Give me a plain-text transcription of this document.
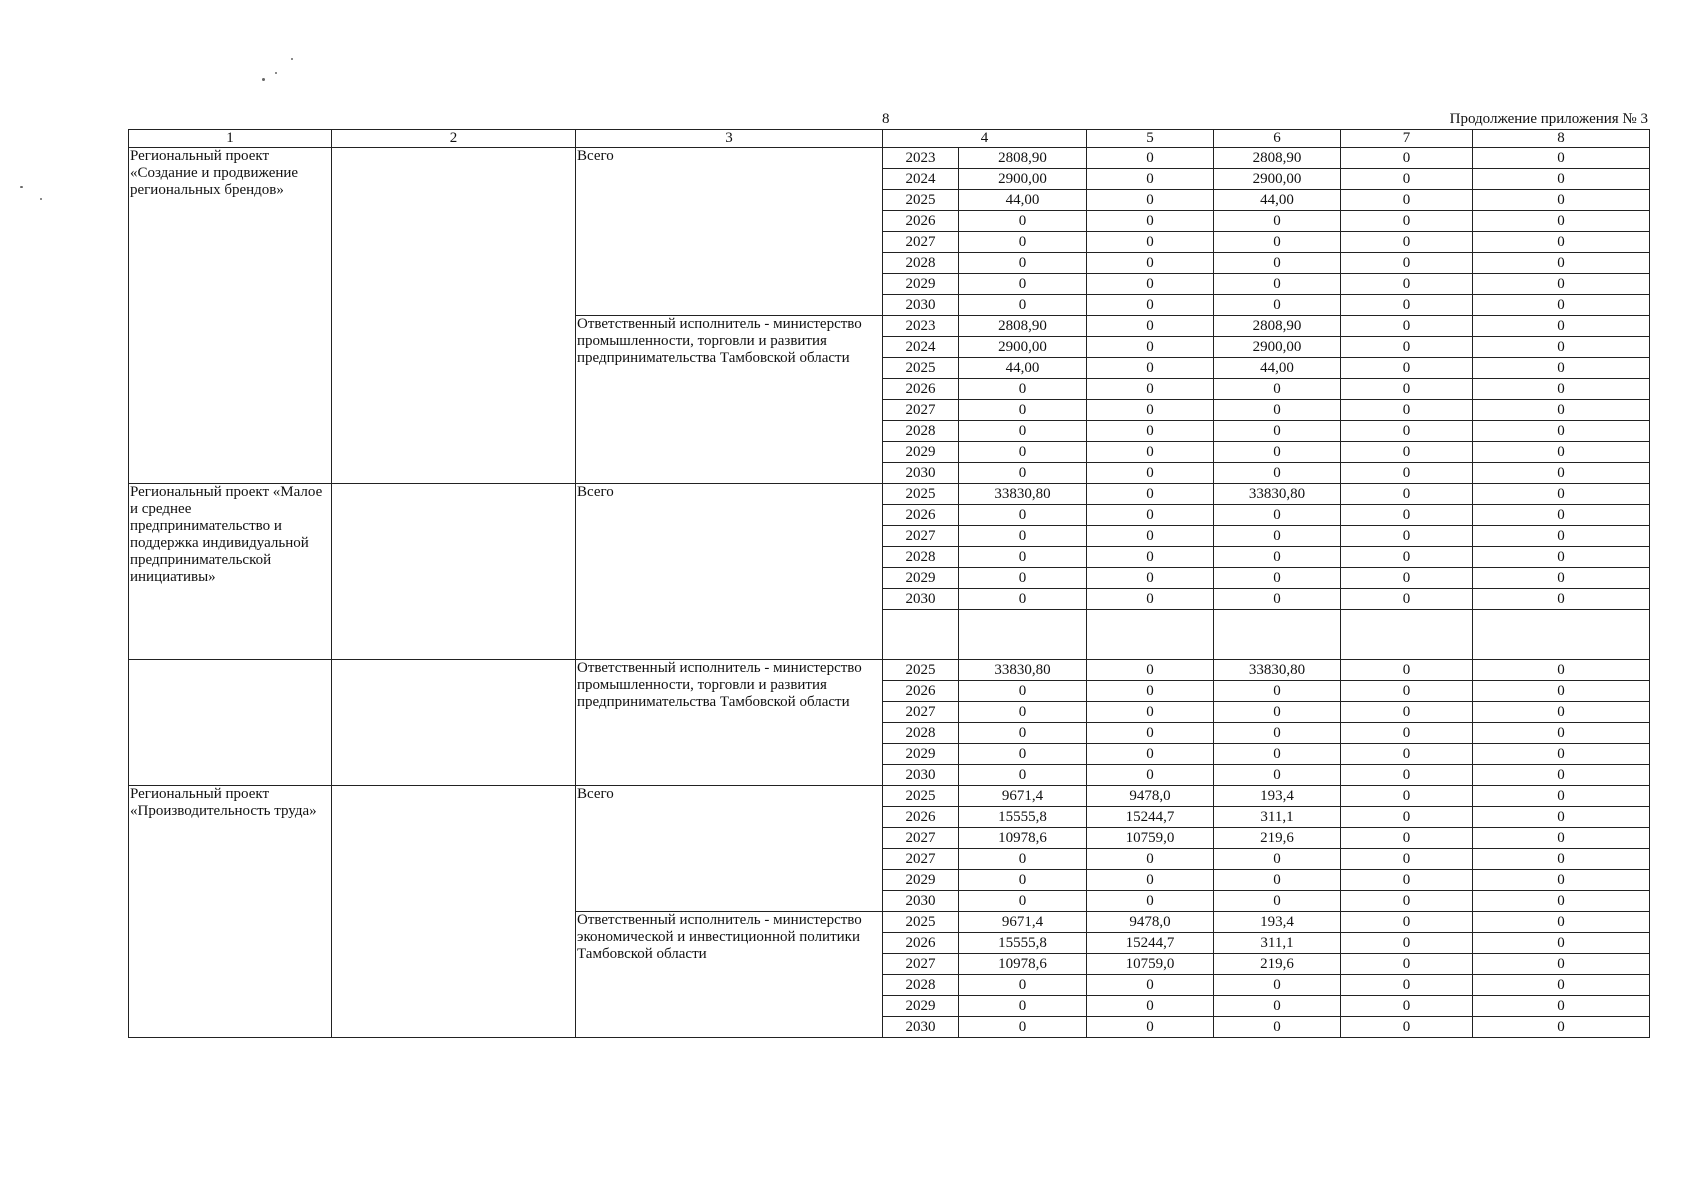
8	Продолжение приложения № 3
1	2	3	4		5	6	7	8
Региональный проект «Создание и продвижение региональных брендов»		Всего	2023	2808,90	0	2808,90	0	0
			2024	2900,00	0	2900,00	0	0
			2025	44,00	0	44,00	0	0
			2026	0	0	0	0	0
			2027	0	0	0	0	0
			2028	0	0	0	0	0
			2029	0	0	0	0	0
			2030	0	0	0	0	0
		Ответственный исполнитель - министерство промышленности, торговли и развития предпринимательства Тамбовской области	2023	2808,90	0	2808,90	0	0
			2024	2900,00	0	2900,00	0	0
			2025	44,00	0	44,00	0	0
			2026	0	0	0	0	0
			2027	0	0	0	0	0
			2028	0	0	0	0	0
			2029	0	0	0	0	0
			2030	0	0	0	0	0
Региональный проект «Малое и среднее предпринимательство и поддержка индивидуальной предпринимательской инициативы»		Всего	2025	33830,80	0	33830,80	0	0
			2026	0	0	0	0	0
			2027	0	0	0	0	0
			2028	0	0	0	0	0
			2029	0	0	0	0	0
			2030	0	0	0	0	0

		Ответственный исполнитель - министерство промышленности, торговли и развития предпринимательства Тамбовской области	2025	33830,80	0	33830,80	0	0
			2026	0	0	0	0	0
			2027	0	0	0	0	0
			2028	0	0	0	0	0
			2029	0	0	0	0	0
			2030	0	0	0	0	0
Региональный проект «Производительность труда»		Всего	2025	9671,4	9478,0	193,4	0	0
			2026	15555,8	15244,7	311,1	0	0
			2027	10978,6	10759,0	219,6	0	0
			2027	0	0	0	0	0
			2029	0	0	0	0	0
			2030	0	0	0	0	0
		Ответственный исполнитель - министерство экономической и инвестиционной политики Тамбовской области	2025	9671,4	9478,0	193,4	0	0
			2026	15555,8	15244,7	311,1	0	0
			2027	10978,6	10759,0	219,6	0	0
			2028	0	0	0	0	0
			2029	0	0	0	0	0
			2030	0	0	0	0	0
